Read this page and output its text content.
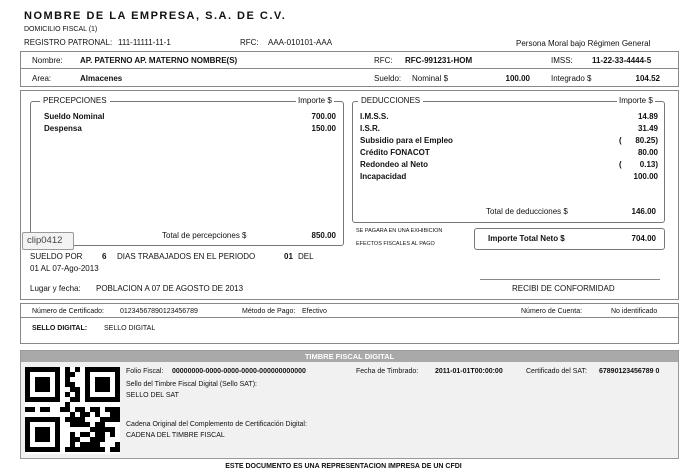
NOMBRE DE LA EMPRESA, S.A. DE C.V.
DOMICILIO FISCAL (1)
REGISTRO PATRONAL: 111-11111-11-1	RFC: AAA-010101-AAA	Persona Moral bajo Régimen General
Nombre: AP. PATERNO AP. MATERNO NOMBRE(S)	RFC: RFC-991231-HOM	IMSS: 11-22-33-4444-5
Area:	Almacenes	Sueldo: Nominal $	100.00	Integrado $	104.52
PERCEPCIONES	Importe $
Sueldo Nominal	700.00
Despensa	150.00
Total de percepciones $	850.00
DEDUCCIONES	Importe $
I.M.S.S.	14.89
I.S.R.	31.49
Subsidio para el Empleo	(	80.25)
Crédito FONACOT	80.00
Redondeo al Neto	(	0.13)
Incapacidad	100.00
Total de deducciones $	146.00
SE PAGARA EN UNA EXHIBICION
EFECTOS FISCALES AL PAGO
Importe Total Neto $	704.00
clip0412
SUELDO POR 6 DIAS TRABAJADOS EN EL PERIODO	01 DEL
01 AL 07-Ago-2013
Lugar y fecha: POBLACION A 07 DE AGOSTO DE 2013	RECIBI DE CONFORMIDAD
Número de Certificado: 01234567890123456789	Método de Pago: Efectivo	Número de Cuenta:	No identificado
SELLO DIGITAL: SELLO DIGITAL
TIMBRE FISCAL DIGITAL
Folio Fiscal: 00000000-0000-0000-0000-000000000000	Fecha de Timbrado: 2011-01-01T00:00:00	Certificado del SAT: 67890123456789 0
Sello del Timbre Fiscal Digital (Sello SAT):
SELLO DEL SAT
Cadena Original del Complemento de Certificación Digital:
CADENA DEL TIMBRE FISCAL
ESTE DOCUMENTO ES UNA REPRESENTACION IMPRESA DE UN CFDI
